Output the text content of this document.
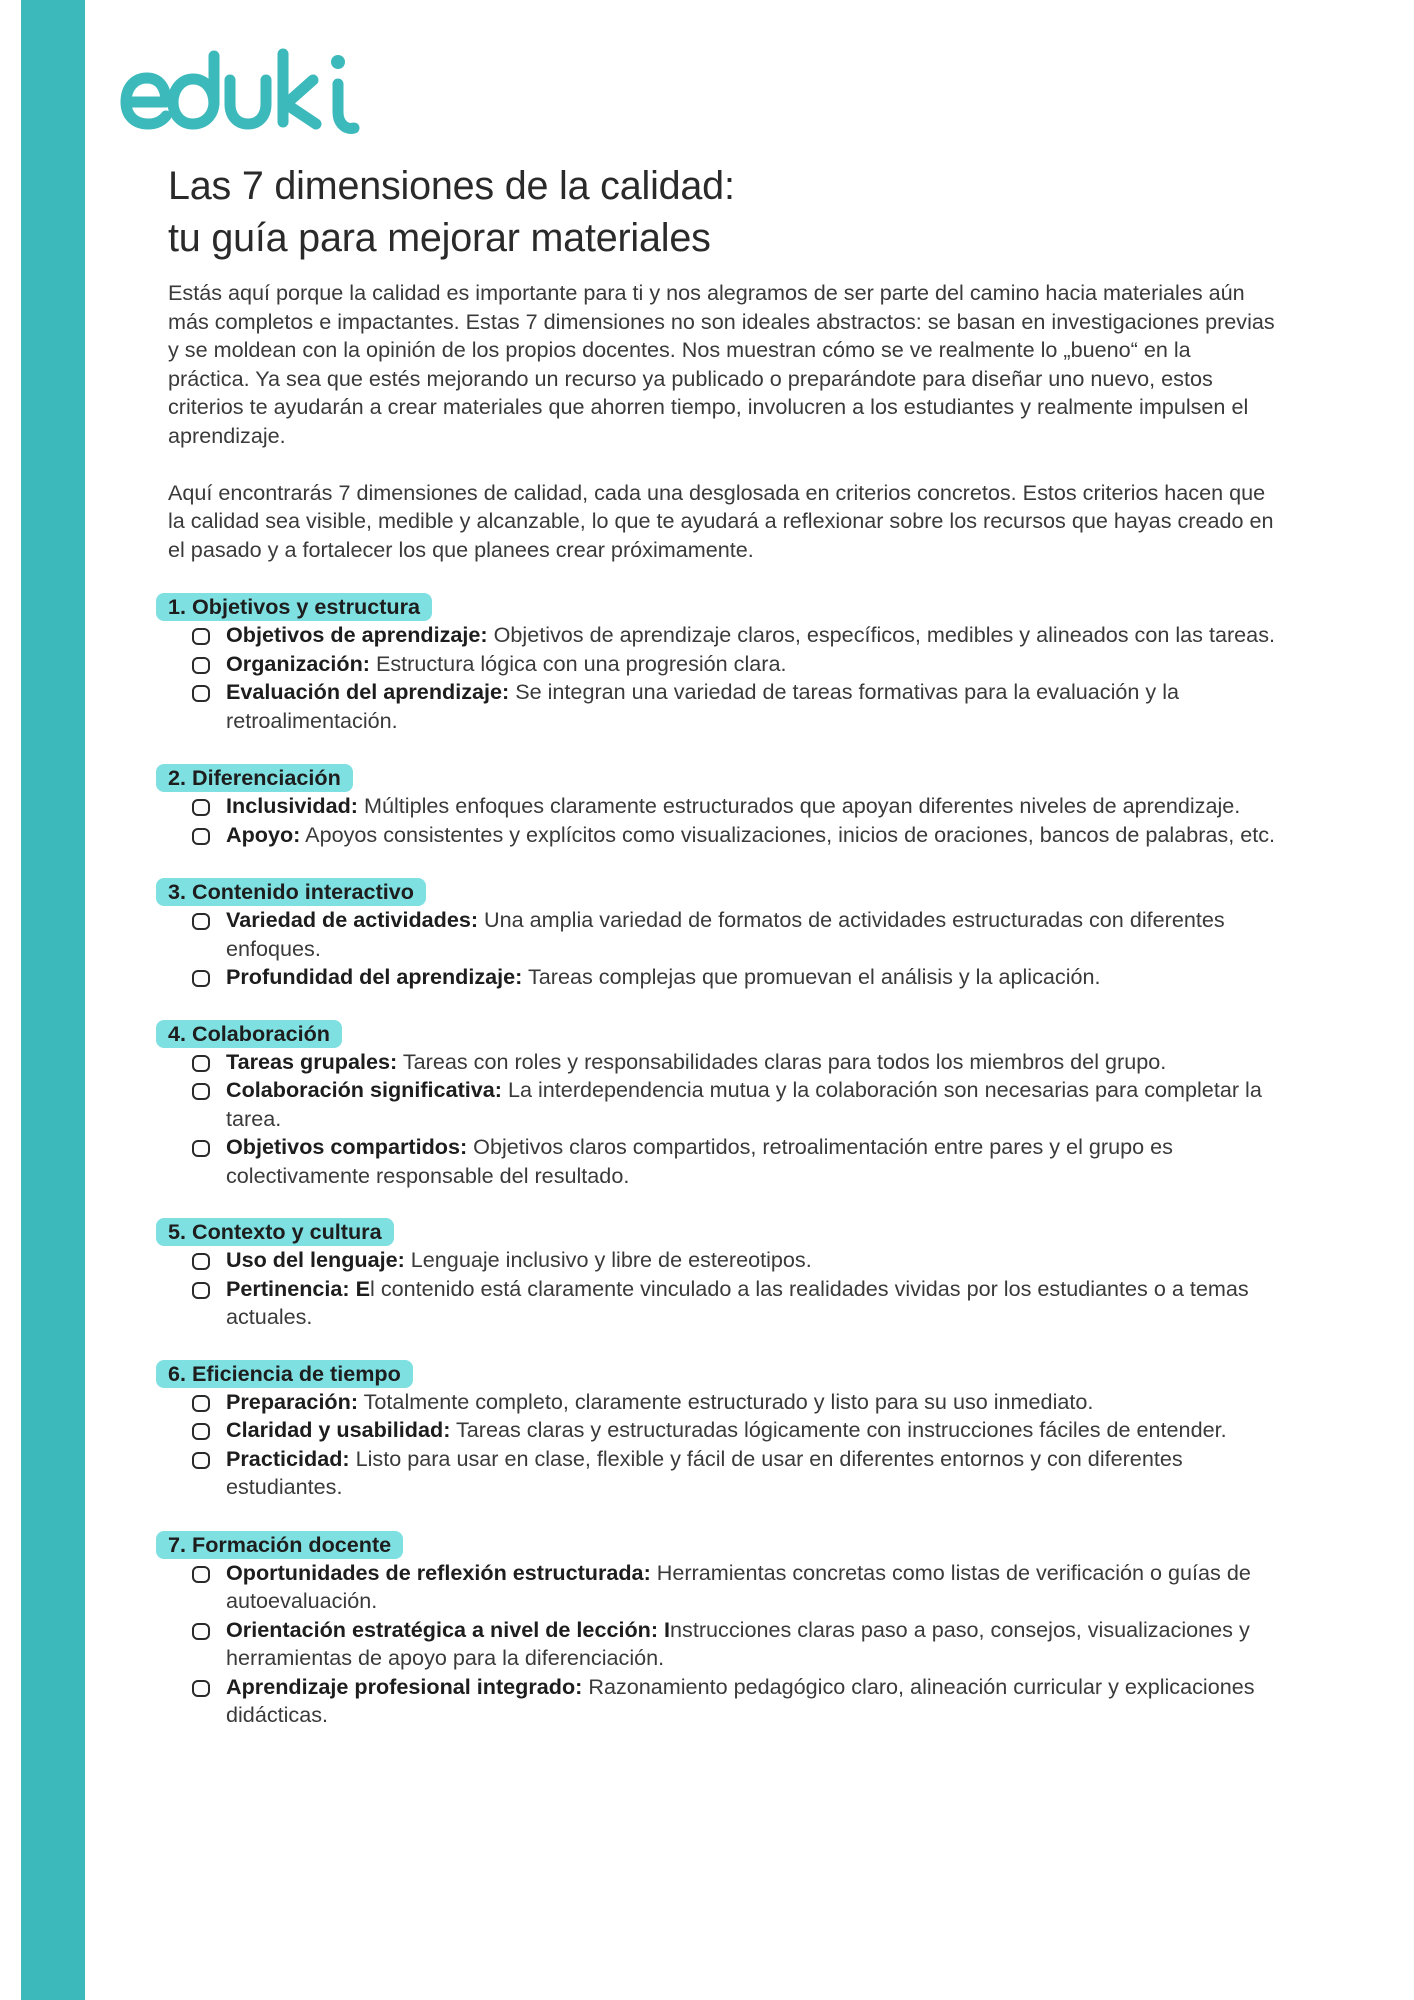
Las 7 dimensiones de la calidad:
tu guía para mejorar materiales

Estás aquí porque la calidad es importante para ti y nos alegramos de ser parte del camino hacia materiales aún más completos e impactantes. Estas 7 dimensiones no son ideales abstractos: se basan en investigaciones previas y se moldean con la opinión de los propios docentes. Nos muestran cómo se ve realmente lo „bueno“ en la práctica. Ya sea que estés mejorando un recurso ya publicado o preparándote para diseñar uno nuevo, estos criterios te ayudarán a crear materiales que ahorren tiempo, involucren a los estudiantes y realmente impulsen el aprendizaje.

Aquí encontrarás 7 dimensiones de calidad, cada una desglosada en criterios concretos. Estos criterios hacen que la calidad sea visible, medible y alcanzable, lo que te ayudará a reflexionar sobre los recursos que hayas creado en el pasado y a fortalecer los que planees crear próximamente.

1. Objetivos y estructura
Objetivos de aprendizaje: Objetivos de aprendizaje claros, específicos, medibles y alineados con las tareas.
Organización: Estructura lógica con una progresión clara.
Evaluación del aprendizaje: Se integran una variedad de tareas formativas para la evaluación y la retroalimentación.
2. Diferenciación
Inclusividad: Múltiples enfoques claramente estructurados que apoyan diferentes niveles de aprendizaje.
Apoyo: Apoyos consistentes y explícitos como visualizaciones, inicios de oraciones, bancos de palabras, etc.
3. Contenido interactivo
Variedad de actividades: Una amplia variedad de formatos de actividades estructuradas con diferentes enfoques.
Profundidad del aprendizaje: Tareas complejas que promuevan el análisis y la aplicación.
4. Colaboración
Tareas grupales: Tareas con roles y responsabilidades claras para todos los miembros del grupo.
Colaboración significativa: La interdependencia mutua y la colaboración son necesarias para completar la tarea.
Objetivos compartidos: Objetivos claros compartidos, retroalimentación entre pares y el grupo es colectivamente responsable del resultado.
5. Contexto y cultura
Uso del lenguaje: Lenguaje inclusivo y libre de estereotipos.
Pertinencia: El contenido está claramente vinculado a las realidades vividas por los estudiantes o a temas actuales.
6. Eficiencia de tiempo
Preparación: Totalmente completo, claramente estructurado y listo para su uso inmediato.
Claridad y usabilidad: Tareas claras y estructuradas lógicamente con instrucciones fáciles de entender.
Practicidad: Listo para usar en clase, flexible y fácil de usar en diferentes entornos y con diferentes estudiantes.
7. Formación docente
Oportunidades de reflexión estructurada: Herramientas concretas como listas de verificación o guías de autoevaluación.
Orientación estratégica a nivel de lección: Instrucciones claras paso a paso, consejos, visualizaciones y herramientas de apoyo para la diferenciación.
Aprendizaje profesional integrado: Razonamiento pedagógico claro, alineación curricular y explicaciones didácticas.
